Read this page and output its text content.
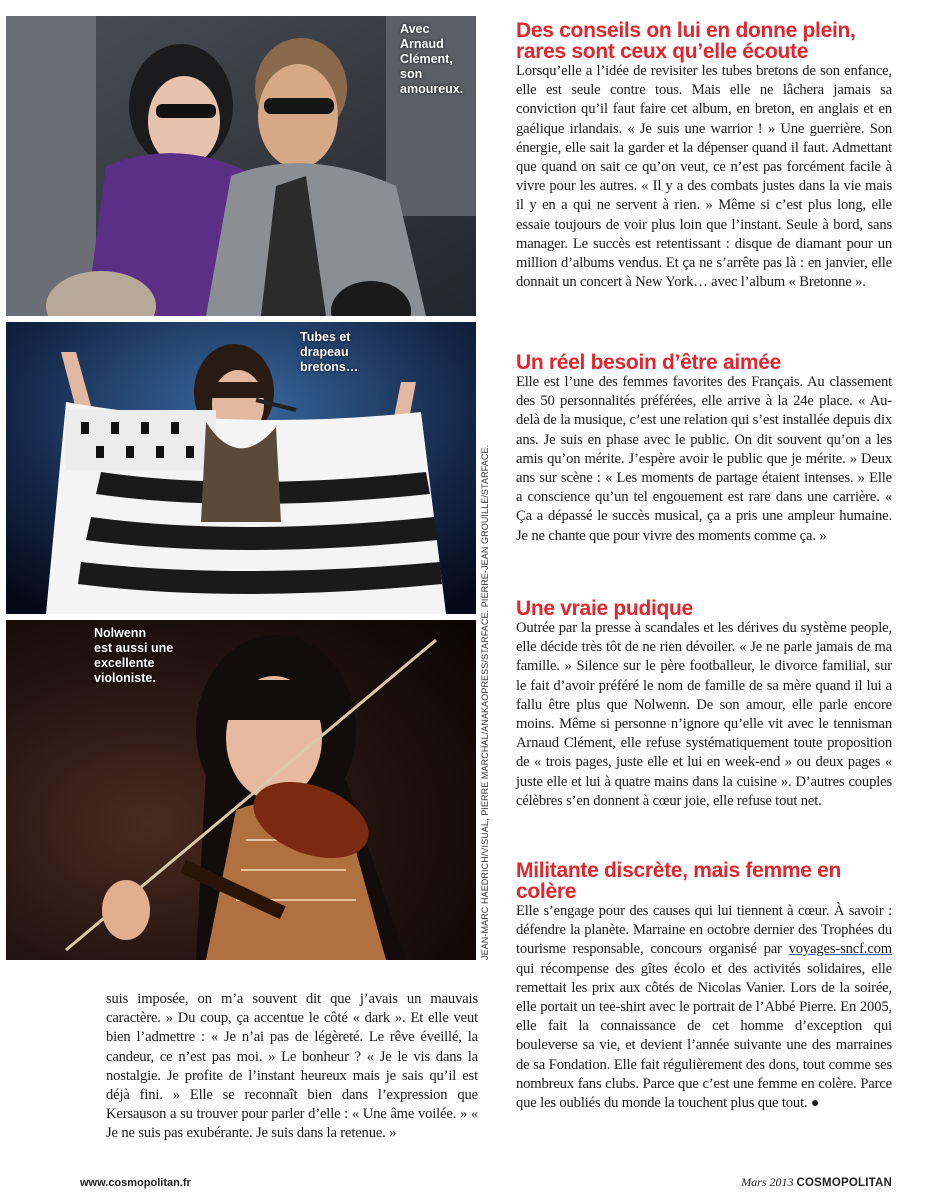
Avec
Arnaud
Clément,
son
amoureux.
Tubes et
drapeau
bretons…
Nolwenn
est aussi une
excellente
violoniste.	JEAN-MARC HAEDRICH/VISUAL, PIERRE MARCHAL/ANAKAOPRESS/STARFACE. PIERRE-JEAN GROUILLE/STARFACE.
Des conseils on lui en donne plein, rares sont ceux qu’elle écoute

Lorsqu’elle a l’idée de revisiter les tubes bretons de son enfance, elle est seule contre tous. Mais elle ne lâchera jamais sa conviction qu’il faut faire cet album, en breton, en anglais et en gaélique irlandais. « Je suis une warrior ! » Une guerrière. Son énergie, elle sait la garder et la dépenser quand il faut. Admettant que quand on sait ce qu’on veut, ce n’est pas forcément facile à vivre pour les autres. « Il y a des combats justes dans la vie mais il y en a qui ne servent à rien. » Même si c’est plus long, elle essaie toujours de voir plus loin que l’instant. Seule à bord, sans manager. Le succès est retentissant : disque de diamant pour un million d’albums vendus. Et ça ne s’arrête pas là : en janvier, elle donnait un concert à New York… avec l’album « Bretonne ».

Un réel besoin d’être aimée

Elle est l’une des femmes favorites des Français. Au classement des 50 personnalités préférées, elle arrive à la 24e place. « Au-delà de la musique, c’est une relation qui s’est installée depuis dix ans. Je suis en phase avec le public. On dit souvent qu’on a les amis qu’on mérite. J’espère avoir le public que je mérite. » Deux ans sur scène : « Les moments de partage étaient intenses. » Elle a conscience qu’un tel engouement est rare dans une carrière. « Ça a dépassé le succès musical, ça a pris une ampleur humaine. Je ne chante que pour vivre des moments comme ça. »

Une vraie pudique

Outrée par la presse à scandales et les dérives du système people, elle décide très tôt de ne rien dévoiler. « Je ne parle jamais de ma famille. » Silence sur le père footballeur, le divorce familial, sur le fait d’avoir préféré le nom de famille de sa mère quand il lui a fallu être plus que Nolwenn. De son amour, elle parle encore moins. Même si personne n’ignore qu’elle vit avec le tennisman Arnaud Clément, elle refuse systématiquement toute proposition de « trois pages, juste elle et lui en week-end » ou deux pages « juste elle et lui à quatre mains dans la cuisine ». D’autres couples célèbres s’en donnent à cœur joie, elle refuse tout net.

Militante discrète, mais femme en colère

Elle s’engage pour des causes qui lui tiennent à cœur. À savoir : défendre la planète. Marraine en octobre dernier des Trophées du tourisme responsable, concours organisé par voyages-sncf.com qui récompense des gîtes écolo et des activités solidaires, elle remettait les prix aux côtés de Nicolas Vanier. Lors de la soirée, elle portait un tee-shirt avec le portrait de l’Abbé Pierre. En 2005, elle fait la connaissance de cet homme d’exception qui bouleverse sa vie, et devient l’année suivante une des marraines de sa Fondation. Elle fait régulièrement des dons, tout comme ses nombreux fans clubs. Parce que c’est une femme en colère. Parce que les oubliés du monde la touchent plus que tout. ●

suis imposée, on m’a souvent dit que j’avais un mauvais caractère. » Du coup, ça accentue le côté « dark ». Et elle veut bien l’admettre : « Je n’ai pas de légèreté. Le rêve éveillé, la candeur, ce n’est pas moi. » Le bonheur ? « Je le vis dans la nostalgie. Je profite de l’instant heureux mais je sais qu’il est déjà fini. » Elle se reconnaît bien dans l’expression que Kersauson a su trouver pour parler d’elle : « Une âme voilée. » « Je ne suis pas exubérante. Je suis dans la retenue. »

www.cosmopolitan.fr	Mars 2013 COSMOPOLITAN
